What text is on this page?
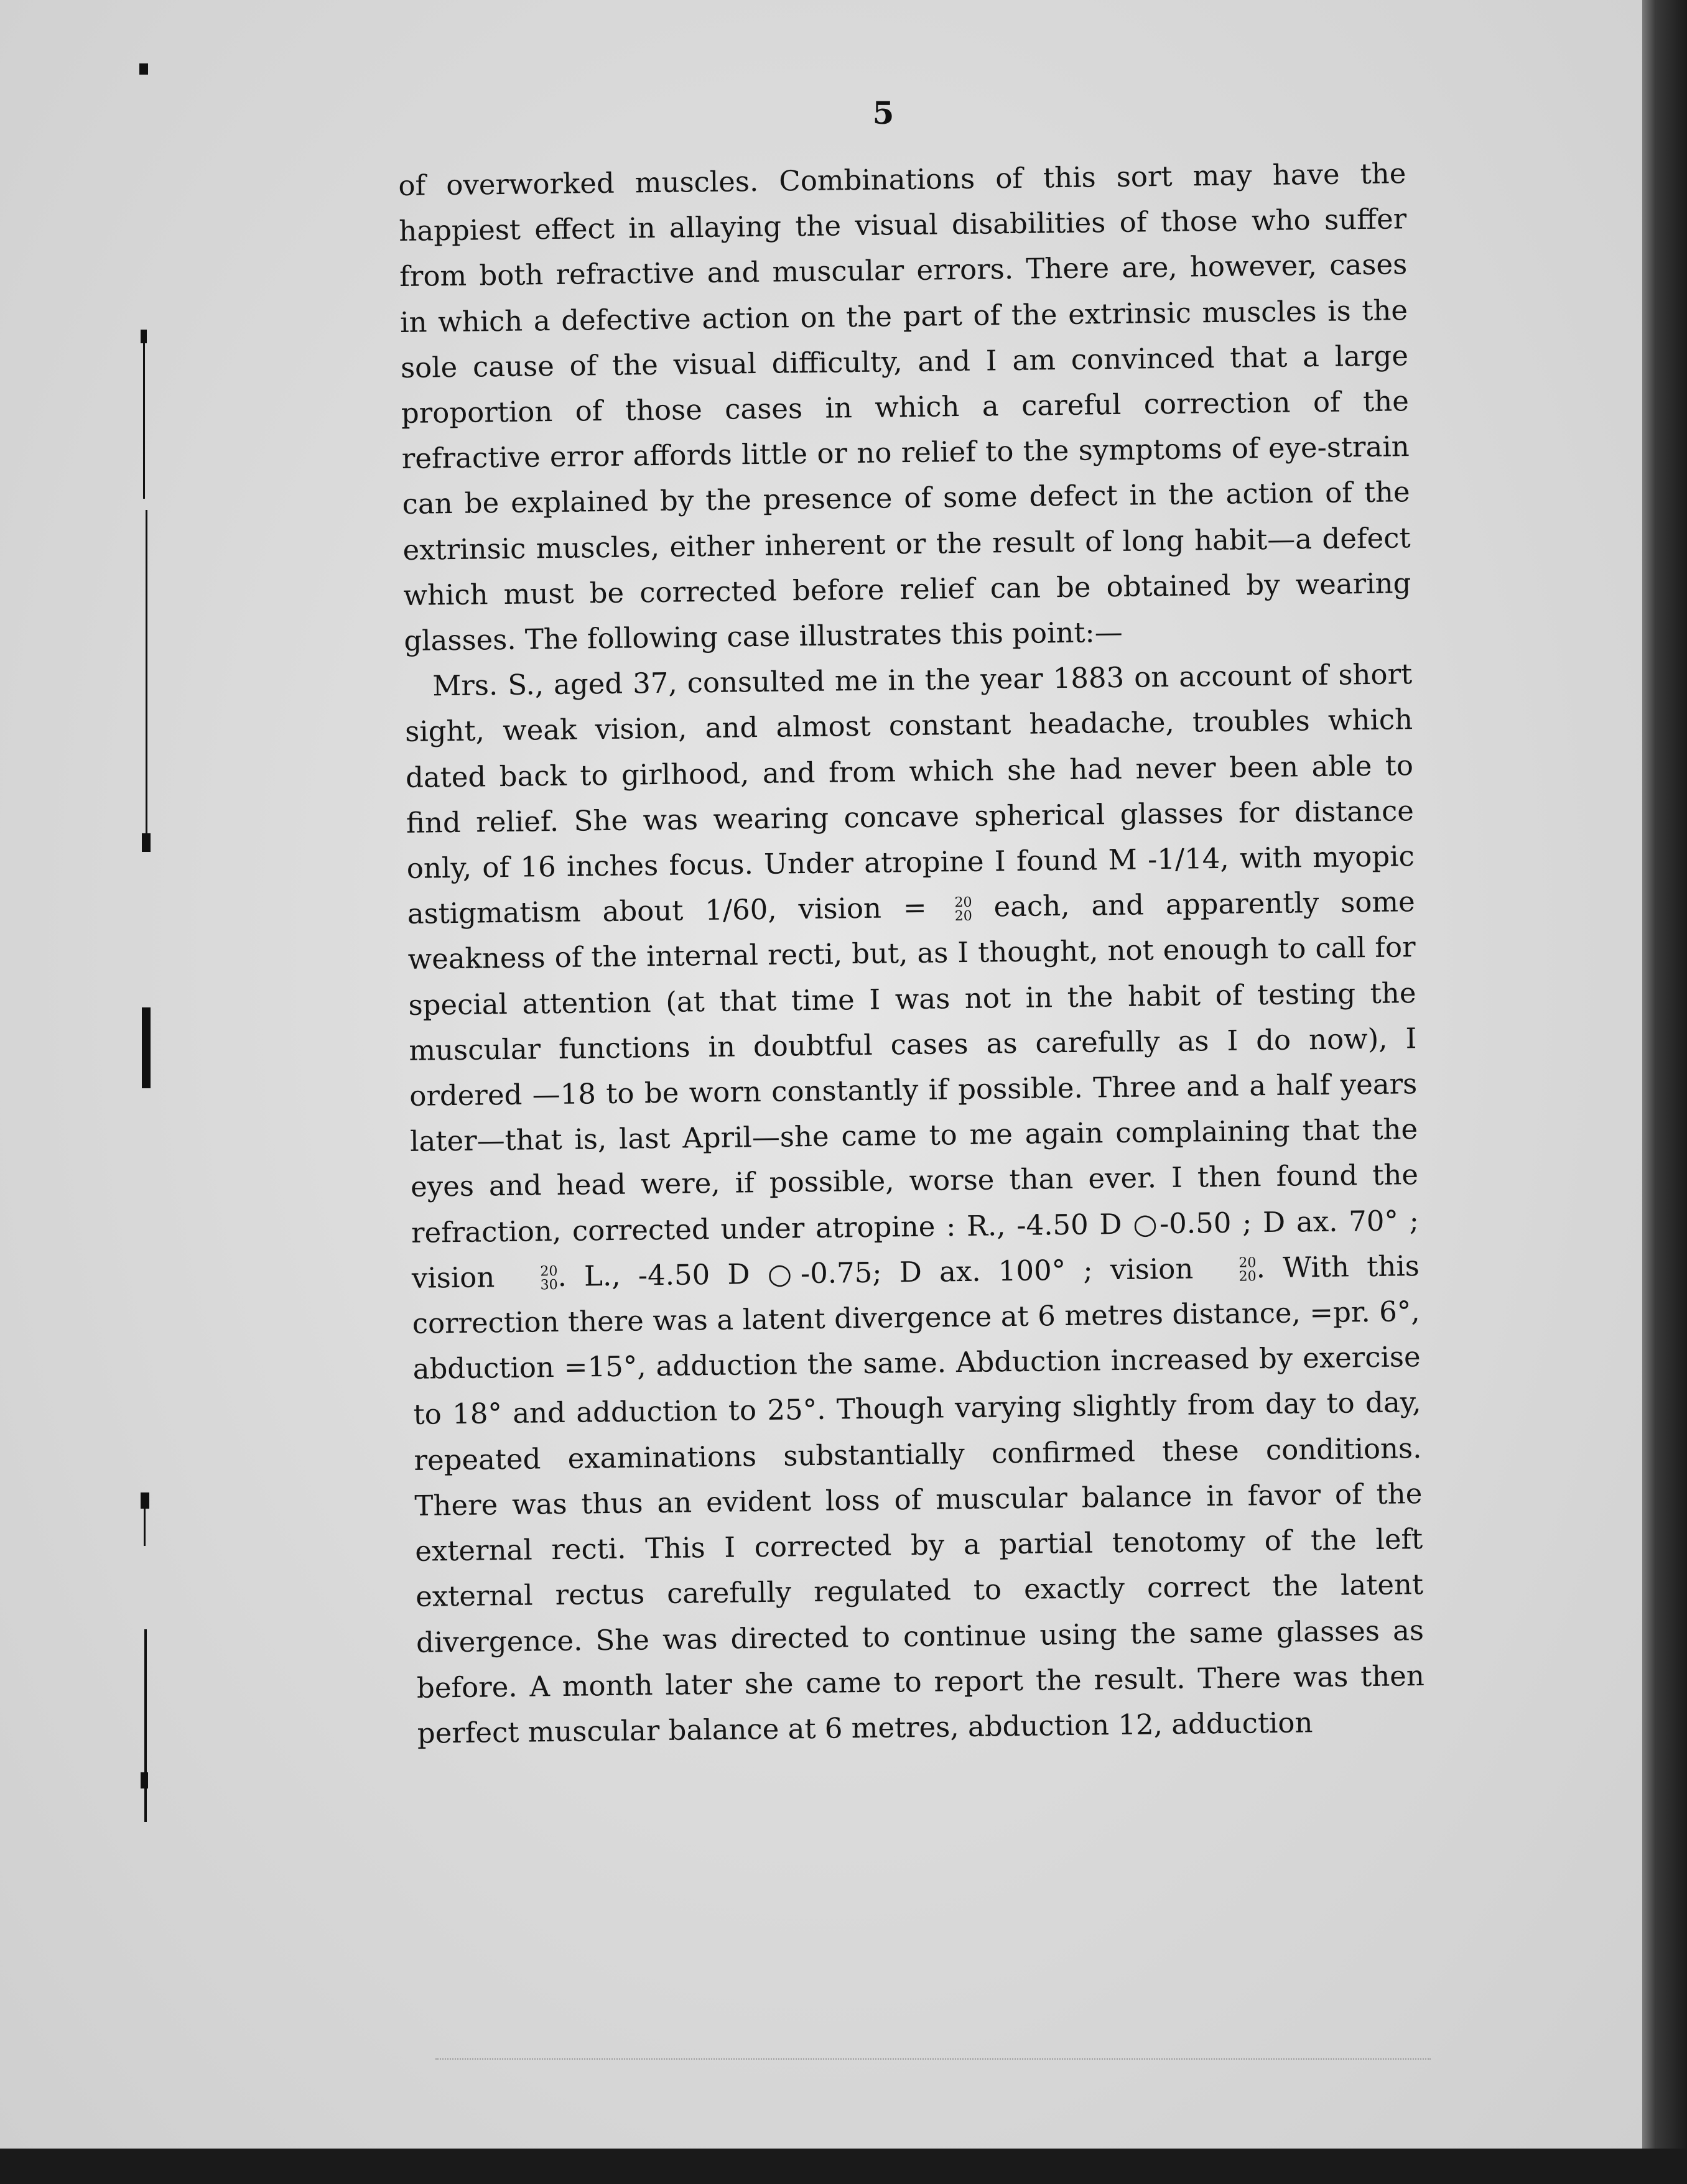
5

of overworked muscles. Combinations of this sort may have the happiest effect in allaying the visual disabilities of those who suffer from both refractive and muscular errors. There are, however, cases in which a defective action on the part of the extrinsic muscles is the sole cause of the visual difficulty, and I am convinced that a large proportion of those cases in which a careful correction of the refractive error affords little or no relief to the symptoms of eye-strain can be explained by the presence of some defect in the action of the extrinsic muscles, either inherent or the result of long habit—a defect which must be corrected before relief can be obtained by wearing glasses. The following case illustrates this point:—

Mrs. S., aged 37, consulted me in the year 1883 on account of short sight, weak vision, and almost constant headache, troubles which dated back to girlhood, and from which she had never been able to find relief. She was wearing concave spherical glasses for distance only, of 16 inches focus. Under atropine I found M -1/14, with myopic astigmatism about 1/60, vision =	20
20 each, and apparently some weakness of the internal recti, but, as I thought, not enough to call for special attention (at that time I was not in the habit of testing the muscular functions in doubtful cases as carefully as I do now), I ordered —18 to be worn constantly if possible. Three and a half years later—that is, last April—she came to me again complaining that the eyes and head were, if possible, worse than ever. I then found the refraction, corrected under atropine : R., -4.50 D ○-0.50 ; D ax. 70° ; vision	20
30 . L., -4.50 D ○-0.75; D ax. 100° ; vision	20
20 . With this correction there was a latent divergence at 6 metres distance, =pr. 6°, abduction =15°, adduction the same. Abduction increased by exercise to 18° and adduction to 25°. Though varying slightly from day to day, repeated examinations substantially confirmed these conditions. There was thus an evident loss of muscular balance in favor of the external recti. This I corrected by a partial tenotomy of the left external rectus carefully regulated to exactly correct the latent divergence. She was directed to continue using the same glasses as before. A month later she came to report the result. There was then perfect muscular balance at 6 metres, abduction 12, adduction
